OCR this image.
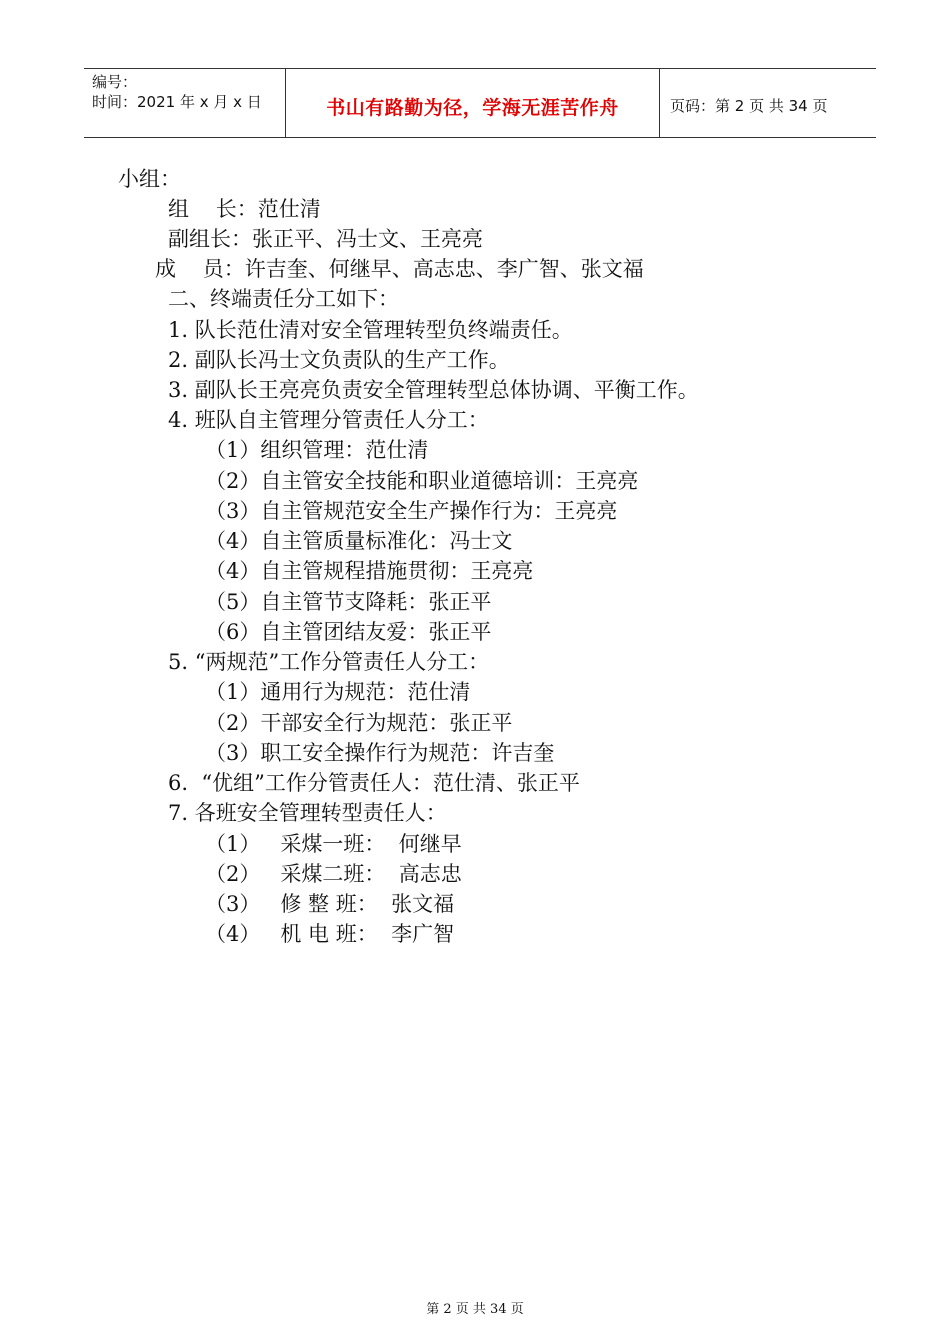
编号：
时间：2021 年 x 月 x 日	书山有路勤为径，学海无涯苦作舟	页码：第 2 页 共 34 页
小组：
组    长：范仕清
副组长：张正平、冯士文、王亮亮
成    员：许吉奎、何继早、高志忠、李广智、张文福
二、终端责任分工如下：
1. 队长范仕清对安全管理转型负终端责任。
2. 副队长冯士文负责队的生产工作。
3. 副队长王亮亮负责安全管理转型总体协调、平衡工作。
4. 班队自主管理分管责任人分工：
（1）组织管理：范仕清
（2）自主管安全技能和职业道德培训：王亮亮
（3）自主管规范安全生产操作行为：王亮亮
（4）自主管质量标准化：冯士文
（4）自主管规程措施贯彻：王亮亮
（5）自主管节支降耗：张正平
（6）自主管团结友爱：张正平
5. “两规范”工作分管责任人分工：
（1）通用行为规范：范仕清
（2）干部安全行为规范：张正平
（3）职工安全操作行为规范：许吉奎
6.  “优组”工作分管责任人：范仕清、张正平
7. 各班安全管理转型责任人：
（1）   采煤一班：  何继早
（2）   采煤二班：  高志忠
（3）   修 整 班：  张文福
（4）   机 电 班：  李广智
第 2 页 共 34 页
